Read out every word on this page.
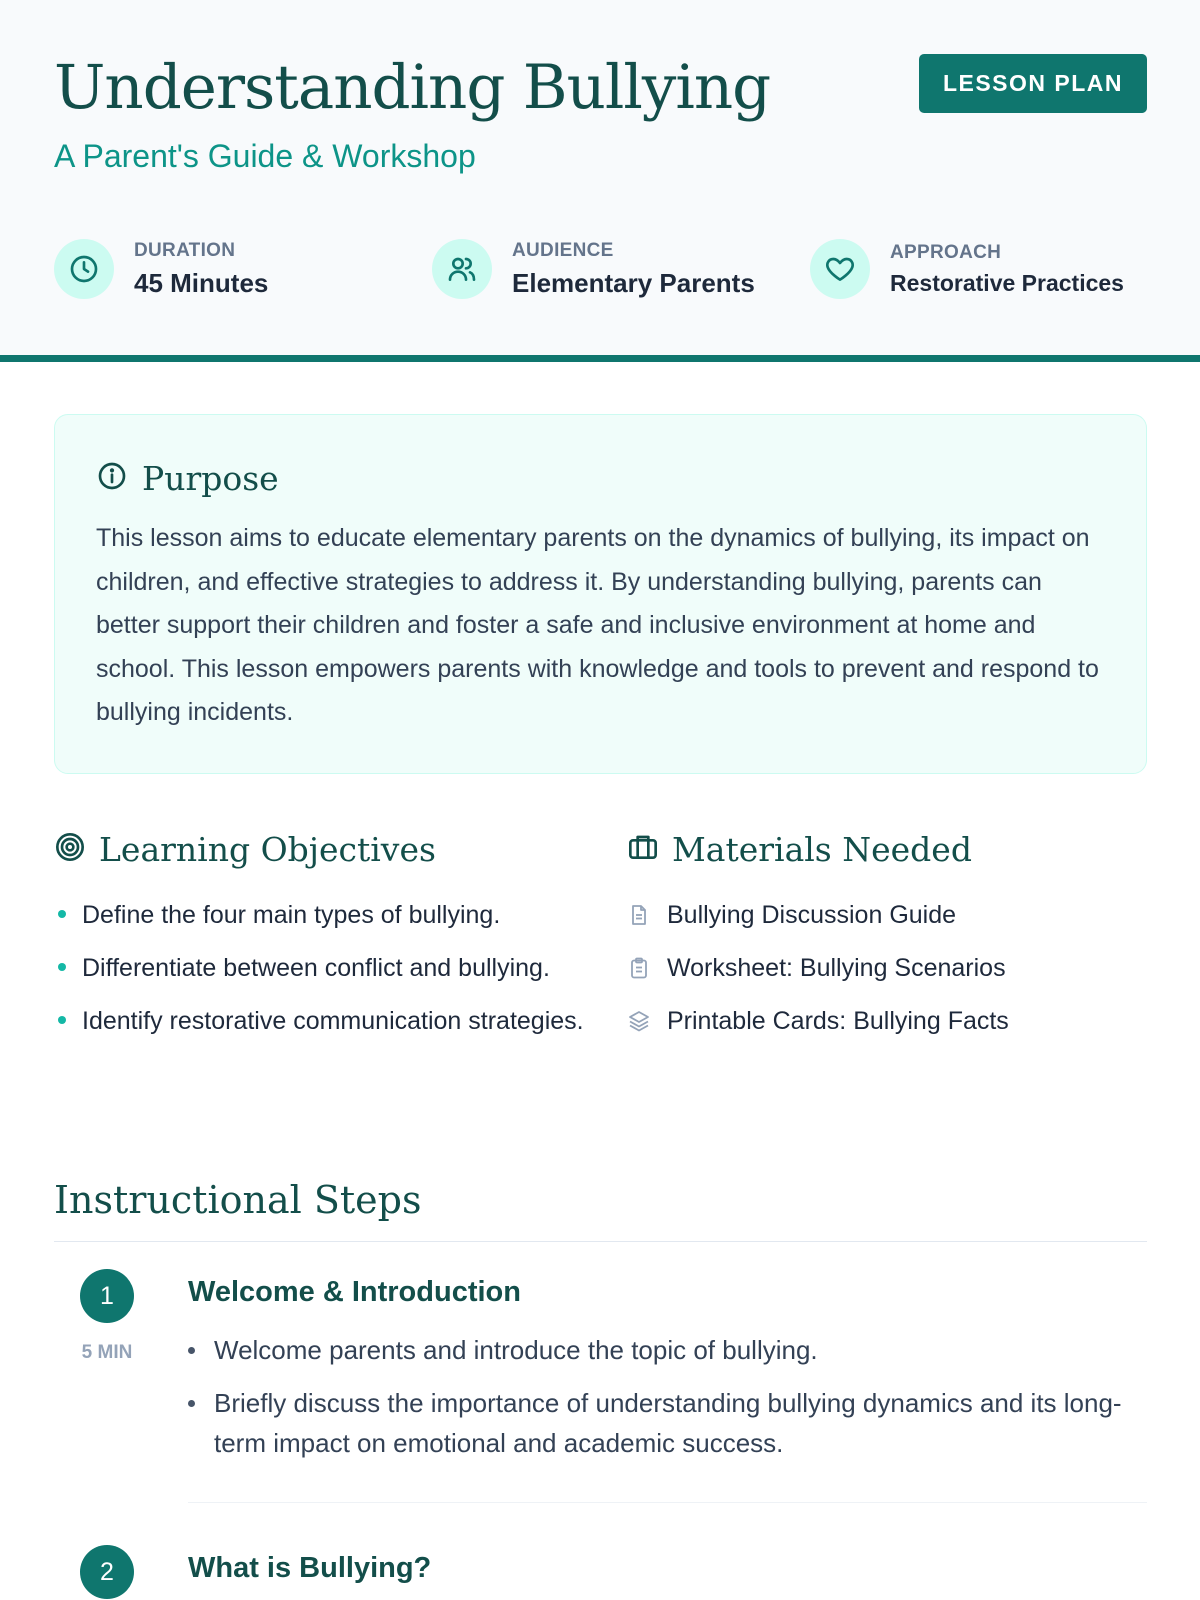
Understanding Bullying
A Parent's Guide & Workshop
LESSON PLAN
DURATION
45 Minutes
AUDIENCE
Elementary Parents
APPROACH
Restorative Practices
Purpose

This lesson aims to educate elementary parents on the dynamics of bullying, its impact on children, and effective strategies to address it. By understanding bullying, parents can better support their children and foster a safe and inclusive environment at home and school. This lesson empowers parents with knowledge and tools to prevent and respond to bullying incidents.

Learning Objectives
Define the four main types of bullying.
Differentiate between conflict and bullying.
Identify restorative communication strategies.
Materials Needed
Bullying Discussion Guide
Worksheet: Bullying Scenarios
Printable Cards: Bullying Facts
Instructional Steps
1
5 MIN
Welcome & Introduction
Welcome parents and introduce the topic of bullying.
Briefly discuss the importance of understanding bullying dynamics and its long-term impact on emotional and academic success.
2	What is Bullying?
